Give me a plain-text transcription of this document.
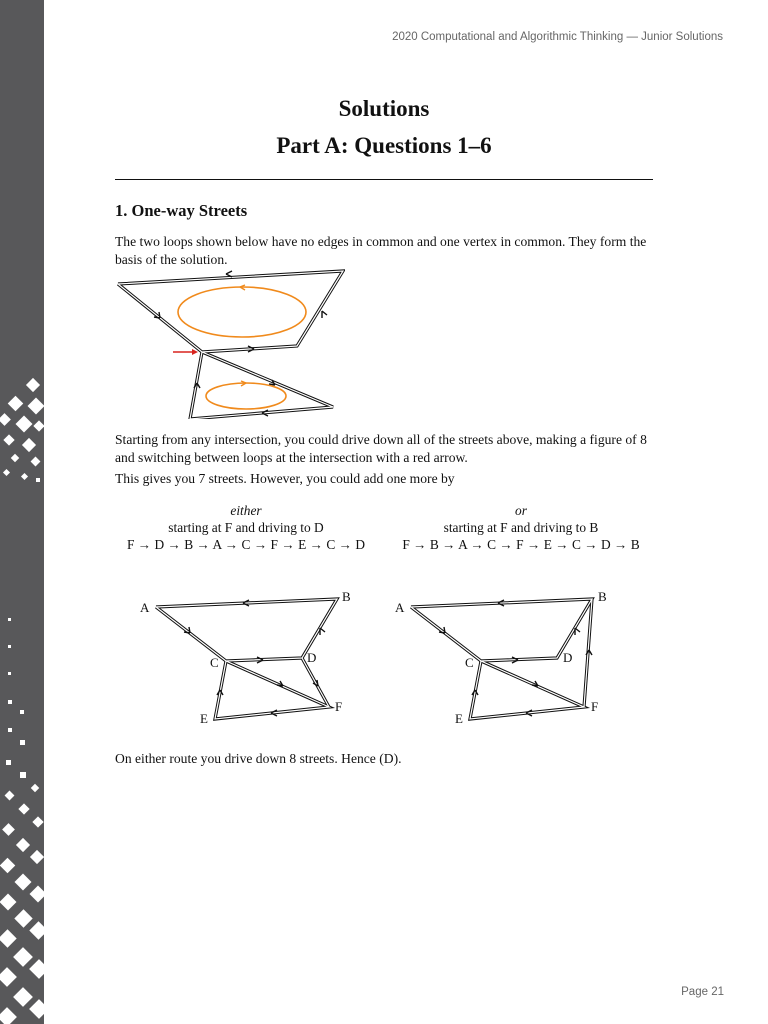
2020 Computational and Algorithmic Thinking — Junior Solutions
Solutions
Part A: Questions 1–6
1. One-way Streets
The two loops shown below have no edges in common and one vertex in common. They form the basis of the solution.
Starting from any intersection, you could drive down all of the streets above, making a figure of 8 and switching between loops at the intersection with a red arrow.
This gives you 7 streets. However, you could add one more by
either
starting at F and driving to D
F → D → B → A → C → F → E → C → D
or
starting at F and driving to B
F → B → A → C → F → E → C → D → B
A
B
C	D
E
F
A
B
C	D
E
F
On either route you drive down 8 streets. Hence (D).
Page 21
